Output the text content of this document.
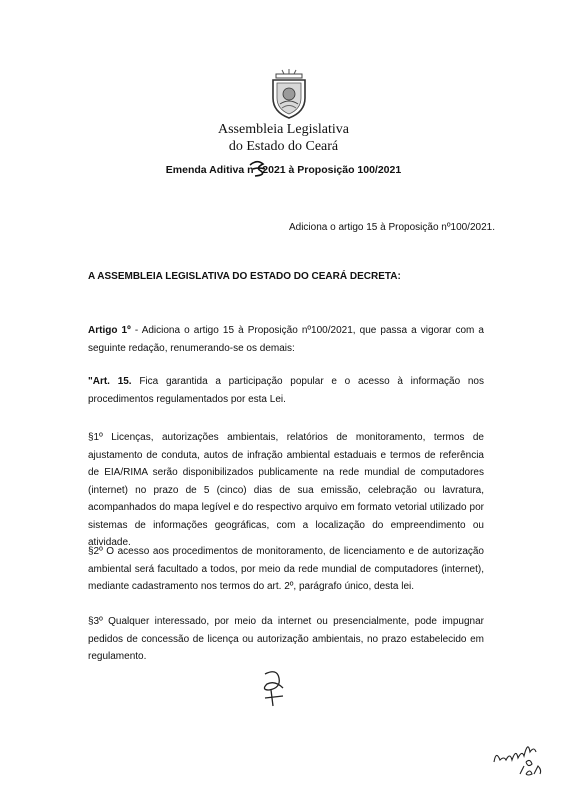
Assembleia Legislativa
do Estado do Ceará
Emenda Aditiva n 2021 à Proposição 100/2021
Adiciona o artigo 15 à Proposição nº100/2021.
A ASSEMBLEIA LEGISLATIVA DO ESTADO DO CEARÁ DECRETA:
Artigo 1º - Adiciona o artigo 15 à Proposição nº100/2021, que passa a vigorar com a seguinte redação, renumerando-se os demais:
"Art. 15. Fica garantida a participação popular e o acesso à informação nos procedimentos regulamentados por esta Lei.
§1º Licenças, autorizações ambientais, relatórios de monitoramento, termos de ajustamento de conduta, autos de infração ambiental estaduais e termos de referência de EIA/RIMA serão disponibilizados publicamente na rede mundial de computadores (internet) no prazo de 5 (cinco) dias de sua emissão, celebração ou lavratura, acompanhados do mapa legível e do respectivo arquivo em formato vetorial utilizado por sistemas de informações geográficas, com a localização do empreendimento ou atividade.
§2º O acesso aos procedimentos de monitoramento, de licenciamento e de autorização ambiental será facultado a todos, por meio da rede mundial de computadores (internet), mediante cadastramento nos termos do art. 2º, parágrafo único, desta lei.
§3º Qualquer interessado, por meio da internet ou presencialmente, pode impugnar pedidos de concessão de licença ou autorização ambientais, no prazo estabelecido em regulamento.
